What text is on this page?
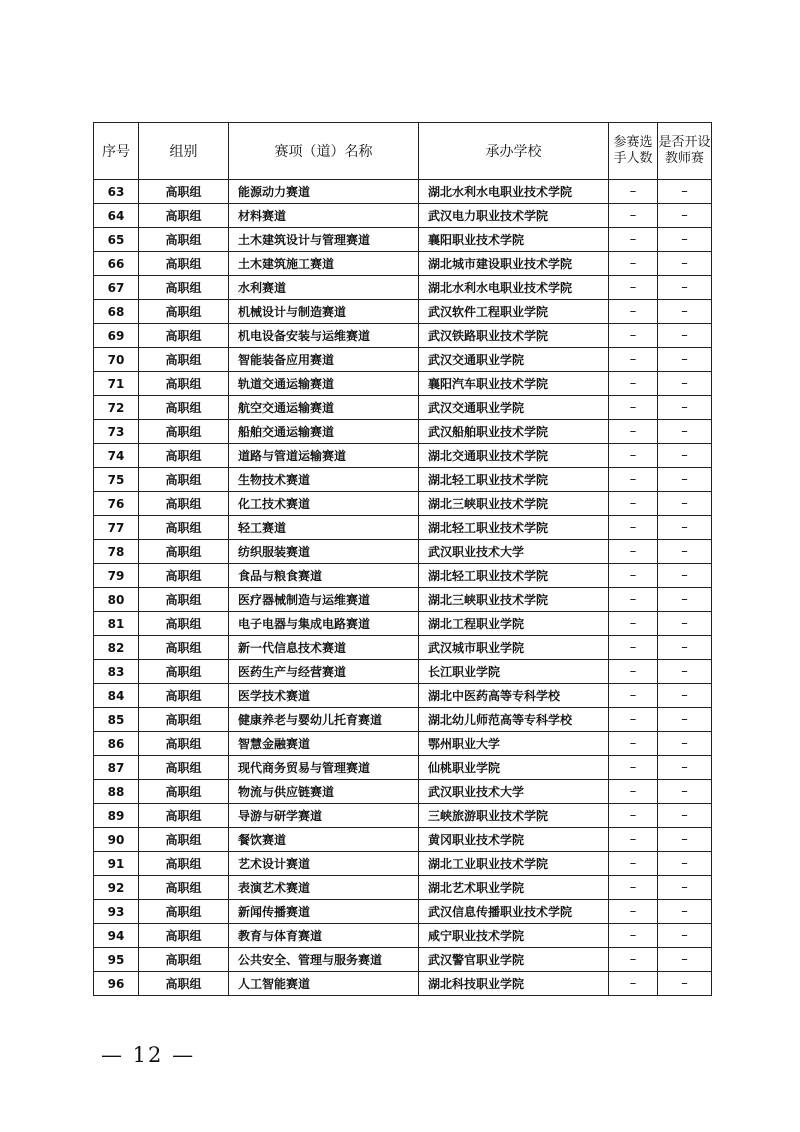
序号	组别	赛项（道）名称	承办学校	参赛选手人数	是否开设教师赛
63	高职组	能源动力赛道	湖北水利水电职业技术学院	–	–
64	高职组	材料赛道	武汉电力职业技术学院	–	–
65	高职组	土木建筑设计与管理赛道	襄阳职业技术学院	–	–
66	高职组	土木建筑施工赛道	湖北城市建设职业技术学院	–	–
67	高职组	水利赛道	湖北水利水电职业技术学院	–	–
68	高职组	机械设计与制造赛道	武汉软件工程职业学院	–	–
69	高职组	机电设备安装与运维赛道	武汉铁路职业技术学院	–	–
70	高职组	智能装备应用赛道	武汉交通职业学院	–	–
71	高职组	轨道交通运输赛道	襄阳汽车职业技术学院	–	–
72	高职组	航空交通运输赛道	武汉交通职业学院	–	–
73	高职组	船舶交通运输赛道	武汉船舶职业技术学院	–	–
74	高职组	道路与管道运输赛道	湖北交通职业技术学院	–	–
75	高职组	生物技术赛道	湖北轻工职业技术学院	–	–
76	高职组	化工技术赛道	湖北三峡职业技术学院	–	–
77	高职组	轻工赛道	湖北轻工职业技术学院	–	–
78	高职组	纺织服装赛道	武汉职业技术大学	–	–
79	高职组	食品与粮食赛道	湖北轻工职业技术学院	–	–
80	高职组	医疗器械制造与运维赛道	湖北三峡职业技术学院	–	–
81	高职组	电子电器与集成电路赛道	湖北工程职业学院	–	–
82	高职组	新一代信息技术赛道	武汉城市职业学院	–	–
83	高职组	医药生产与经营赛道	长江职业学院	–	–
84	高职组	医学技术赛道	湖北中医药高等专科学校	–	–
85	高职组	健康养老与婴幼儿托育赛道	湖北幼儿师范高等专科学校	–	–
86	高职组	智慧金融赛道	鄂州职业大学	–	–
87	高职组	现代商务贸易与管理赛道	仙桃职业学院	–	–
88	高职组	物流与供应链赛道	武汉职业技术大学	–	–
89	高职组	导游与研学赛道	三峡旅游职业技术学院	–	–
90	高职组	餐饮赛道	黄冈职业技术学院	–	–
91	高职组	艺术设计赛道	湖北工业职业技术学院	–	–
92	高职组	表演艺术赛道	湖北艺术职业学院	–	–
93	高职组	新闻传播赛道	武汉信息传播职业技术学院	–	–
94	高职组	教育与体育赛道	咸宁职业技术学院	–	–
95	高职组	公共安全、管理与服务赛道	武汉警官职业学院	–	–
96	高职组	人工智能赛道	湖北科技职业学院	–	–
— 12 —
